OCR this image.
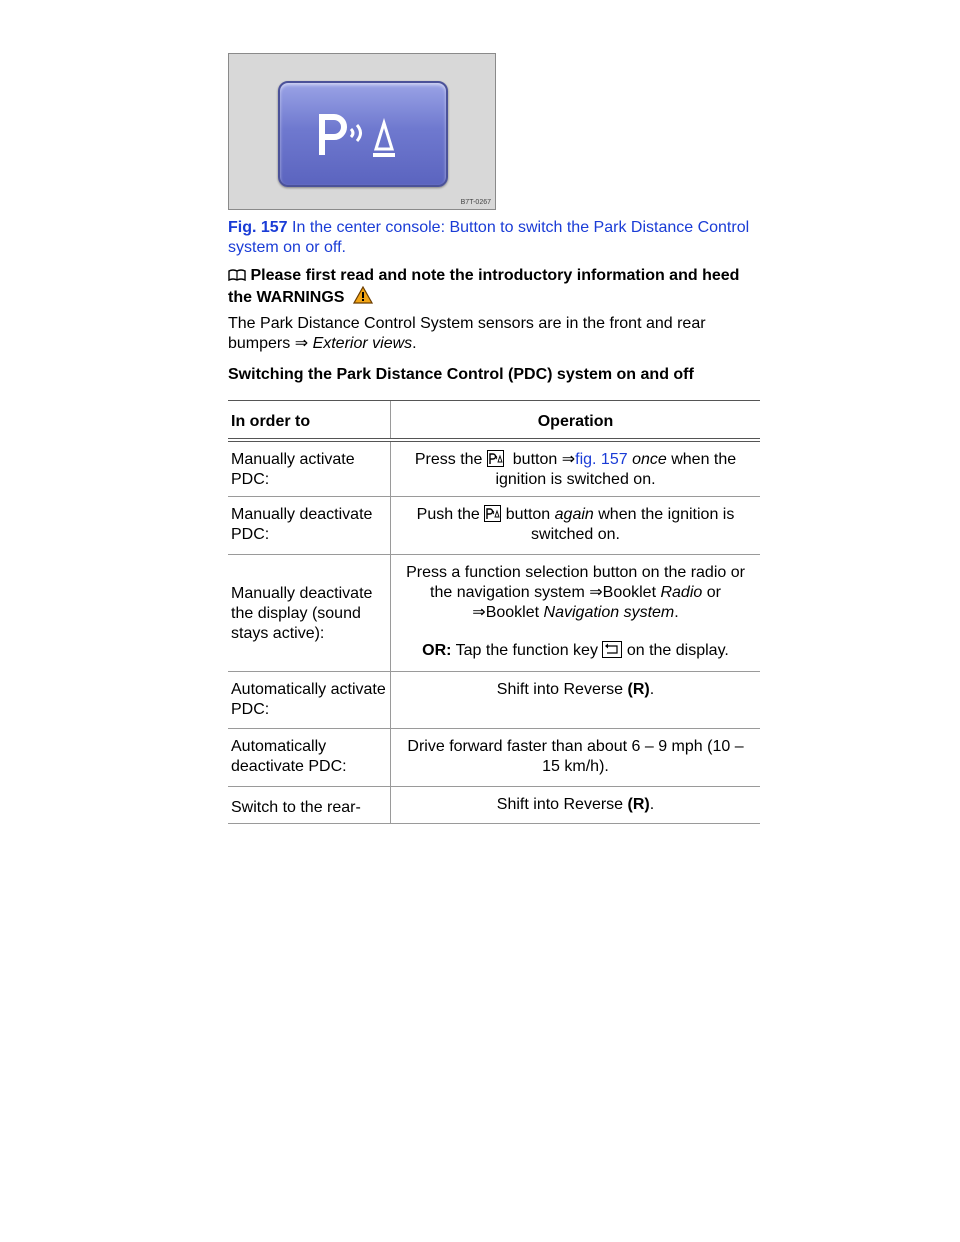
B7T-0267
Fig. 157 In the center console: Button to switch the Park Distance Control system on or off.
Please first read and note the introductory information and heed the WARNINGS
The Park Distance Control System sensors are in the front and rear bumpers ⇒ Exterior views.
Switching the Park Distance Control (PDC) system on and off
In order to	Operation
Manually activate PDC:
Press the button ⇒fig. 157 once when the ignition is switched on.
Manually deactivate PDC:
Push the button again when the ignition is switched on.
Manually deactivate the display (sound stays active):
Press a function selection button on the radio or the navigation system ⇒Booklet Radio or ⇒Booklet Navigation system.
OR: Tap the function key on the display.
Automatically activate PDC:
Shift into Reverse (R).
Automatically deactivate PDC:
Drive forward faster than about 6 – 9 mph (10 – 15 km/h).
Switch to the rear-	Shift into Reverse (R).
